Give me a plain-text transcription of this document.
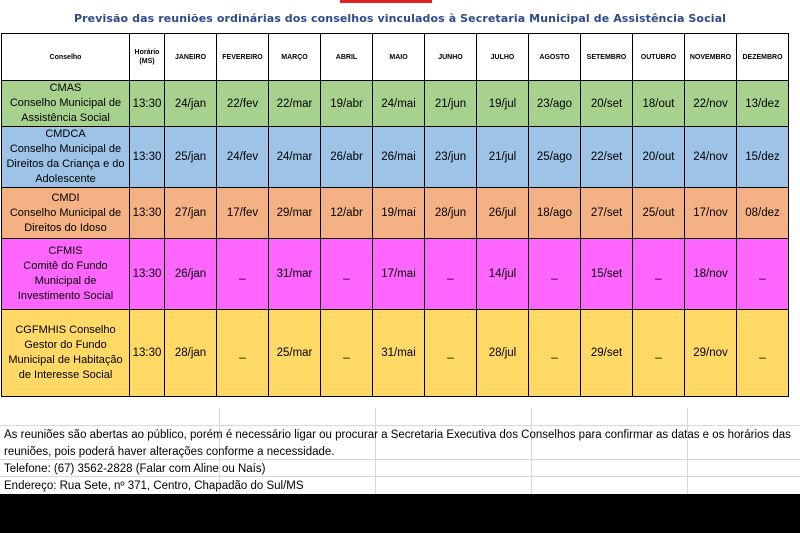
Previsão das reuniões ordinárias dos conselhos vinculados à Secretaria Municipal de Assistência Social
Conselho	Horário (MS)	JANEIRO	FEVEREIRO	MARÇO	ABRIL	MAIO	JUNHO	JULHO	AGOSTO	SETEMBRO	OUTUBRO	NOVEMBRO	DEZEMBRO
CMAS
Conselho Municipal de Assistência Social	13:30	24/jan	22/fev	22/mar	19/abr	24/mai	21/jun	19/jul	23/ago	20/set	18/out	22/nov	13/dez
CMDCA
Conselho Municipal de Direitos da Criança e do Adolescente	13:30	25/jan	24/fev	24/mar	26/abr	26/mai	23/jun	21/jul	25/ago	22/set	20/out	24/nov	15/dez
CMDI
Conselho Municipal de Direitos do Idoso	13:30	27/jan	17/fev	29/mar	12/abr	19/mai	28/jun	26/jul	18/ago	27/set	25/out	17/nov	08/dez
CFMIS
Comitê do Fundo Municipal de Investimento Social	13:30	26/jan	_	31/mar	_	17/mai	_	14/jul	_	15/set	_	18/nov	_
CGFMHIS Conselho Gestor do Fundo Municipal de Habitação de Interesse Social	13:30	28/jan	_	25/mar	_	31/mai	_	28/jul	_	29/set	_	29/nov	_
As reuniões são abertas ao público, porém é necessário ligar ou procurar a Secretaria Executiva dos Conselhos para confirmar as datas e os horários das reuniões, pois poderá haver alterações conforme a necessidade.
Telefone: (67) 3562-2828 (Falar com Aline ou Naís)
Endereço: Rua Sete, nº 371, Centro, Chapadão do Sul/MS
